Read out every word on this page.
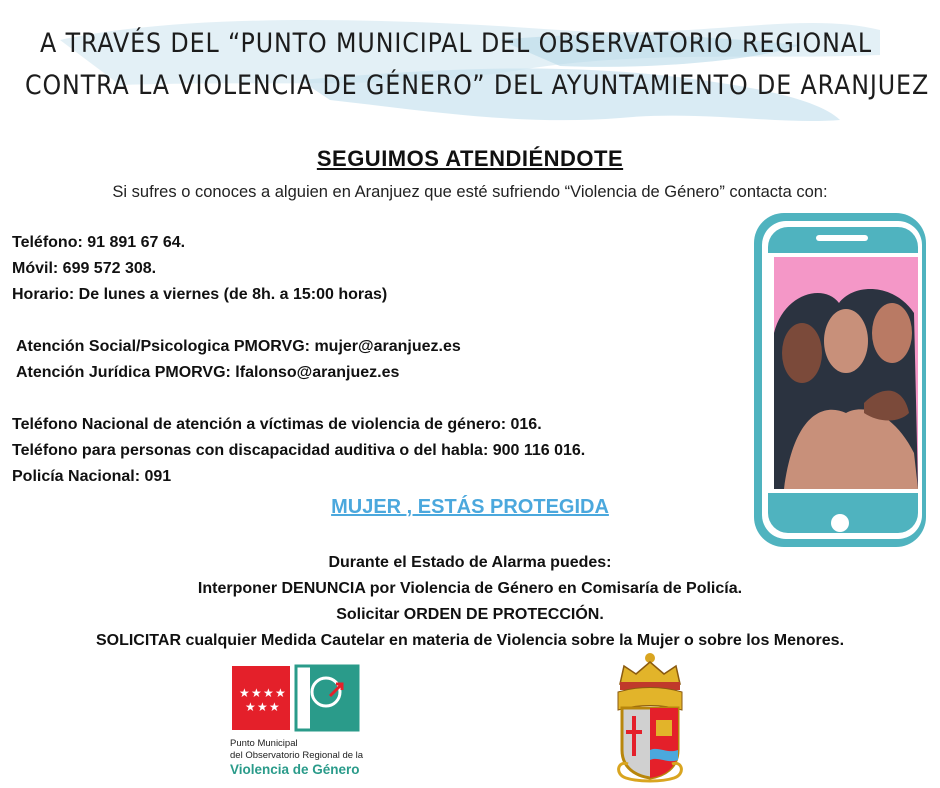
A TRAVÉS DEL “PUNTO MUNICIPAL DEL OBSERVATORIO REGIONAL
CONTRA LA VIOLENCIA DE GÉNERO” DEL AYUNTAMIENTO DE ARANJUEZ
SEGUIMOS ATENDIÉNDOTE
Si sufres o conoces a alguien en Aranjuez que esté sufriendo “Violencia de Género” contacta con:
Teléfono: 91 891 67 64.
Móvil: 699 572 308.
Horario: De lunes a viernes (de 8h. a 15:00 horas)
Atención Social/Psicologica PMORVG: mujer@aranjuez.es
Atención Jurídica PMORVG: lfalonso@aranjuez.es
Teléfono Nacional de atención a víctimas de violencia de género: 016.
Teléfono para personas con discapacidad auditiva o del habla: 900 116 016.
Policía Nacional: 091
MUJER , ESTÁS PROTEGIDA
Durante el Estado de Alarma puedes:
Interponer DENUNCIA por Violencia de Género en Comisaría de Policía.
Solicitar ORDEN DE PROTECCIÓN.
SOLICITAR cualquier Medida Cautelar en materia de Violencia sobre la Mujer o sobre los Menores.
★ ★ ★ ★
★ ★ ★
Punto Municipal
del Observatorio Regional de la
Violencia de Género
